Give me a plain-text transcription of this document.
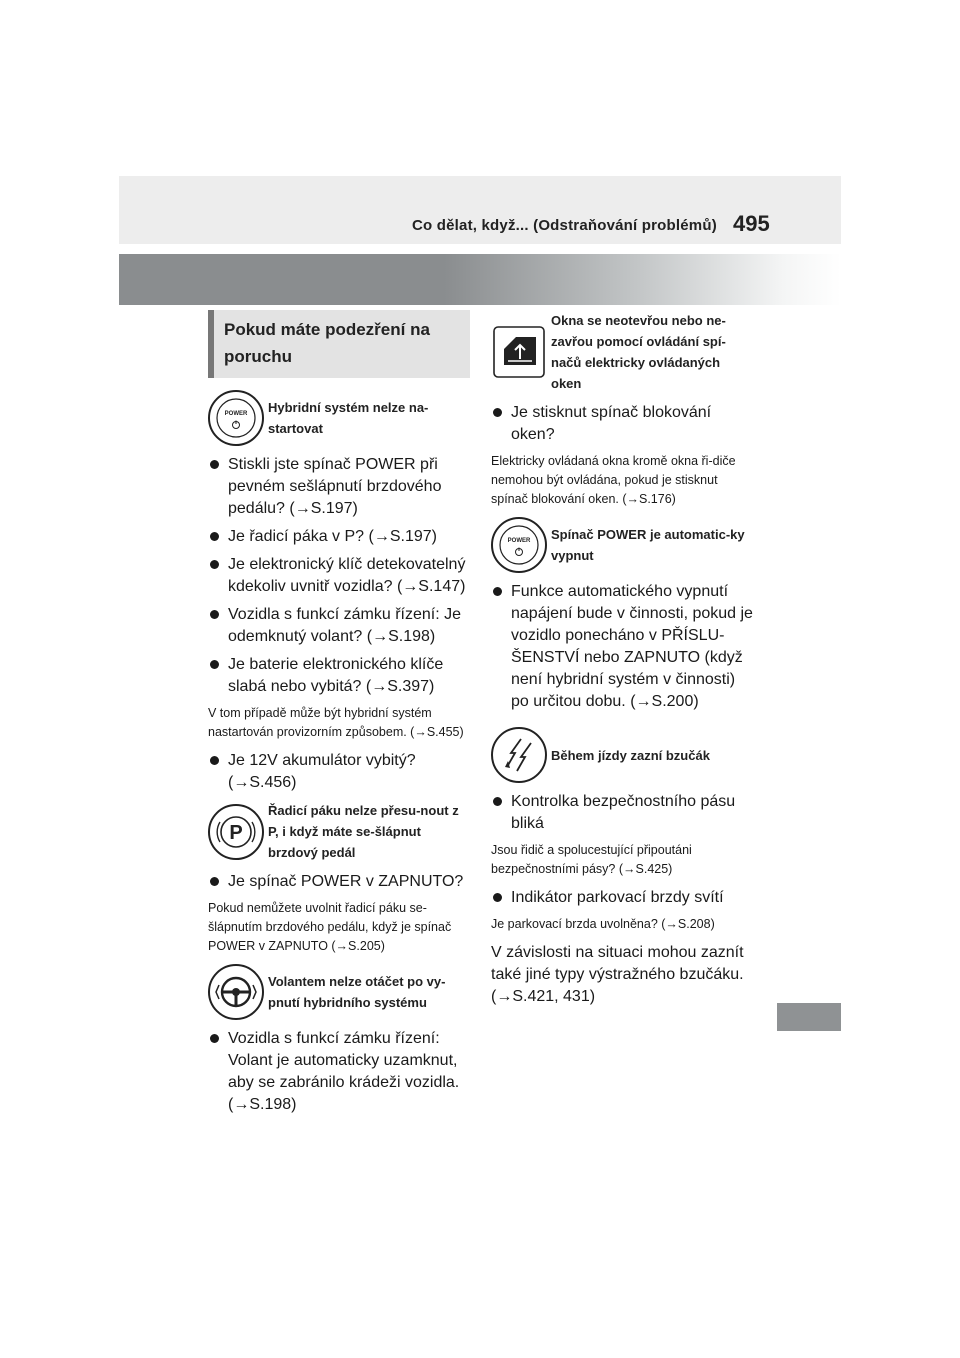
Co dělat, když... (Odstraňování problémů) 495
Pokud máte podezření na poruchu
POWER Hybridní systém nelze na-startovat
Stiskli jste spínač POWER při pevném sešlápnutí brzdového pedálu? (→S.197)
Je řadicí páka v P? (→S.197)
Je elektronický klíč detekovatelný kdekoliv uvnitř vozidla? (→S.147)
Vozidla s funkcí zámku řízení: Je odemknutý volant? (→S.198)
Je baterie elektronického klíče slabá nebo vybitá? (→S.397)
V tom případě může být hybridní systém nastartován provizorním způsobem. (→S.455)
Je 12V akumulátor vybitý? (→S.456)
P
Řadicí páku nelze přesu-nout z P, i když máte se-šlápnut brzdový pedál
Je spínač POWER v ZAPNUTO?
Pokud nemůžete uvolnit řadicí páku se-šlápnutím brzdového pedálu, když je spínač POWER v ZAPNUTO (→S.205)
Volantem nelze otáčet po vy-pnutí hybridního systému
Vozidla s funkcí zámku řízení: Volant je automaticky uzamknut, aby se zabránilo krádeži vozidla. (→S.198)
Okna se neotevřou nebo ne-zavřou pomocí ovládání spí-načů elektricky ovládaných oken
Je stisknut spínač blokování oken?
Elektricky ovládaná okna kromě okna ři-diče nemohou být ovládána, pokud je stisknut spínač blokování oken. (→S.176)
POWER Spínač POWER je automatic-ky vypnut
Funkce automatického vypnutí napájení bude v činnosti, pokud je vozidlo ponecháno v PŘÍSLU-ŠENSTVÍ nebo ZAPNUTO (když není hybridní systém v činnosti) po určitou dobu. (→S.200)
Během jízdy zazní bzučák
Kontrolka bezpečnostního pásu bliká
Jsou řidič a spolucestující připoutáni bezpečnostními pásy? (→S.425)
Indikátor parkovací brzdy svítí
Je parkovací brzda uvolněna? (→S.208)
V závislosti na situaci mohou zaznít také jiné typy výstražného bzučáku. (→S.421, 431)
